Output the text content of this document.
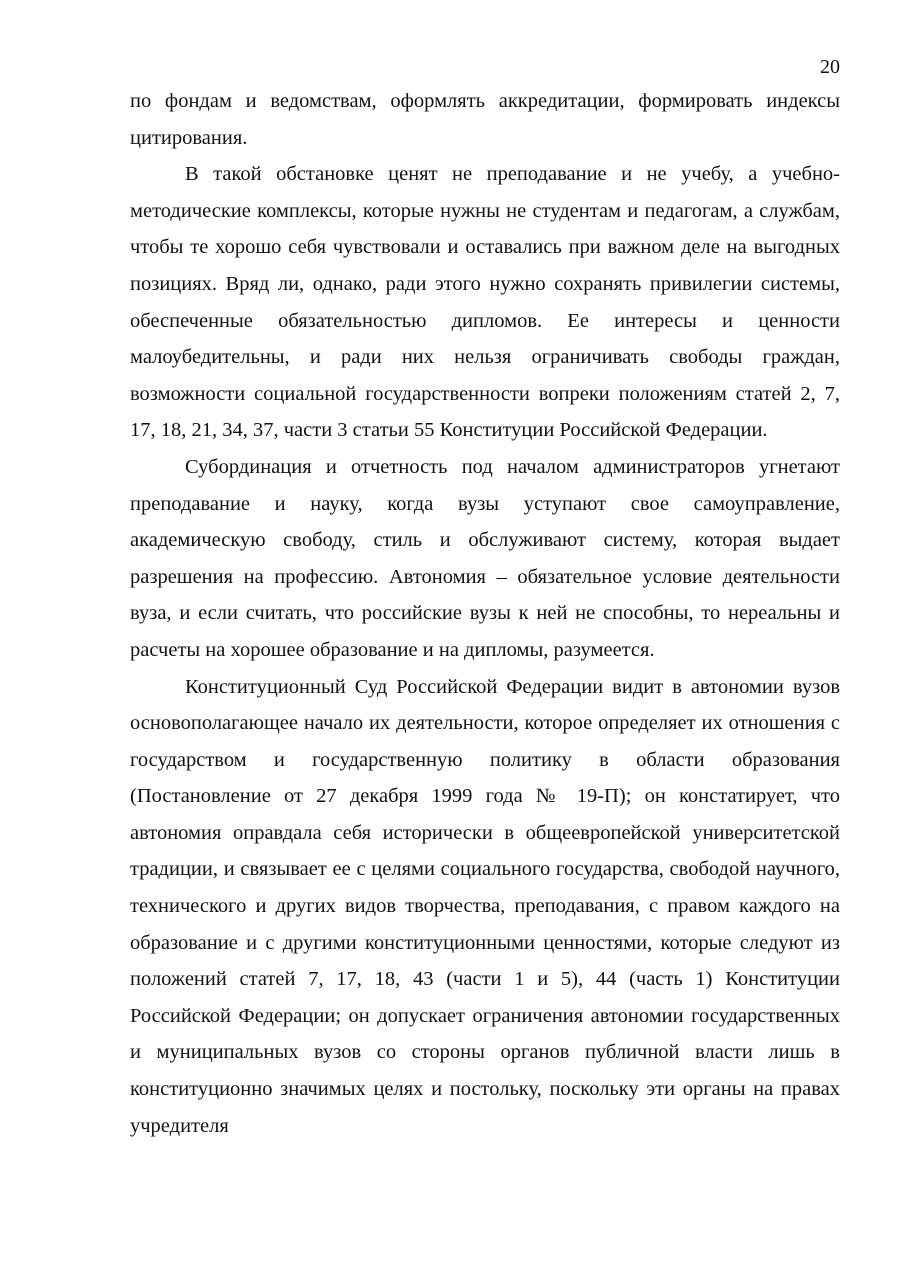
20

по фондам и ведомствам, оформлять аккредитации, формировать индексы цитирования.

В такой обстановке ценят не преподавание и не учебу, а учебно-методические комплексы, которые нужны не студентам и педагогам, а службам, чтобы те хорошо себя чувствовали и оставались при важном деле на выгодных позициях. Вряд ли, однако, ради этого нужно сохранять привилегии системы, обеспеченные обязательностью дипломов. Ее интересы и ценности малоубедительны, и ради них нельзя ограничивать свободы граждан, возможности социальной государственности вопреки положениям статей 2, 7, 17, 18, 21, 34, 37, части 3 статьи 55 Конституции Российской Федерации.

Субординация и отчетность под началом администраторов угнетают преподавание и науку, когда вузы уступают свое самоуправление, академическую свободу, стиль и обслуживают систему, которая выдает разрешения на профессию. Автономия – обязательное условие деятельности вуза, и если считать, что российские вузы к ней не способны, то нереальны и расчеты на хорошее образование и на дипломы, разумеется.

Конституционный Суд Российской Федерации видит в автономии вузов основополагающее начало их деятельности, которое определяет их отношения с государством и государственную политику в области образования (Постановление от 27 декабря 1999 года № 19-П); он констатирует, что автономия оправдала себя исторически в общеевропейской университетской традиции, и связывает ее с целями социального государства, свободой научного, технического и других видов творчества, преподавания, с правом каждого на образование и с другими конституционными ценностями, которые следуют из положений статей 7, 17, 18, 43 (части 1 и 5), 44 (часть 1) Конституции Российской Федерации; он допускает ограничения автономии государственных и муниципальных вузов со стороны органов публичной власти лишь в конституционно значимых целях и постольку, поскольку эти органы на правах учредителя
